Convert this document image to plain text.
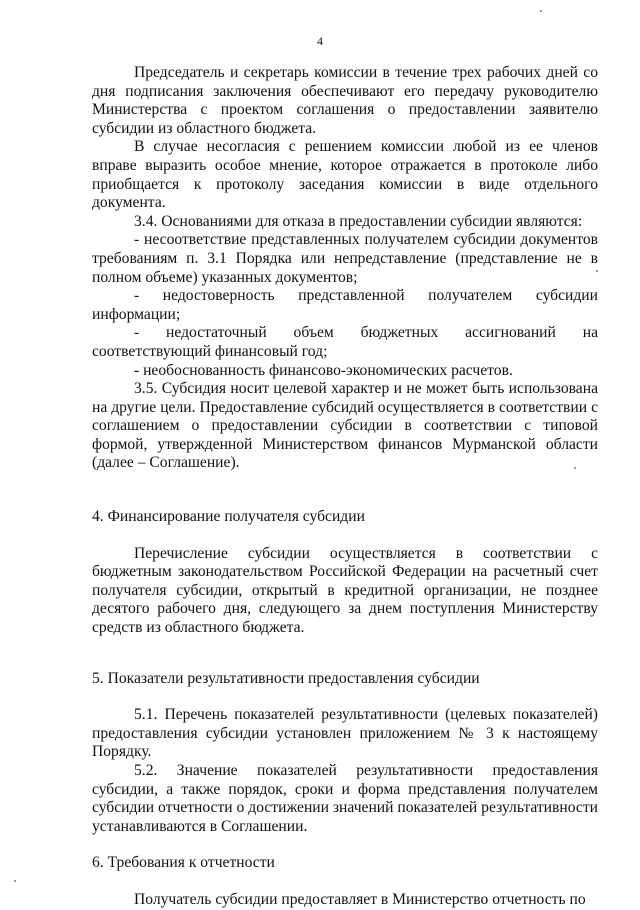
4

Председатель и секретарь комиссии в течение трех рабочих дней со дня подписания заключения обеспечивают его передачу руководителю Министерства с проектом соглашения о предоставлении заявителю субсидии из областного бюджета.

В случае несогласия с решением комиссии любой из ее членов вправе выразить особое мнение, которое отражается в протоколе либо приобщается к протоколу заседания комиссии в виде отдельного документа.

3.4. Основаниями для отказа в предоставлении субсидии являются:

- несоответствие представленных получателем субсидии документов требованиям п. 3.1 Порядка или непредставление (представление не в полном объеме) указанных документов;

- недостоверность представленной получателем субсидии информации;

- недостаточный объем бюджетных ассигнований на соответствующий финансовый год;

- необоснованность финансово-экономических расчетов.

3.5. Субсидия носит целевой характер и не может быть использована на другие цели. Предоставление субсидий осуществляется в соответствии с соглашением о предоставлении субсидии в соответствии с типовой формой, утвержденной Министерством финансов Мурманской области (далее – Соглашение).

4. Финансирование получателя субсидии

Перечисление субсидии осуществляется в соответствии с бюджетным законодательством Российской Федерации на расчетный счет получателя субсидии, открытый в кредитной организации, не позднее десятого рабочего дня, следующего за днем поступления Министерству средств из областного бюджета.

5. Показатели результативности предоставления субсидии

5.1. Перечень показателей результативности (целевых показателей) предоставления субсидии установлен приложением № 3 к настоящему Порядку.

5.2. Значение показателей результативности предоставления субсидии, а также порядок, сроки и форма представления получателем субсидии отчетности о достижении значений показателей результативности устанавливаются в Соглашении.

6. Требования к отчетности

Получатель субсидии предоставляет в Министерство отчетность по
